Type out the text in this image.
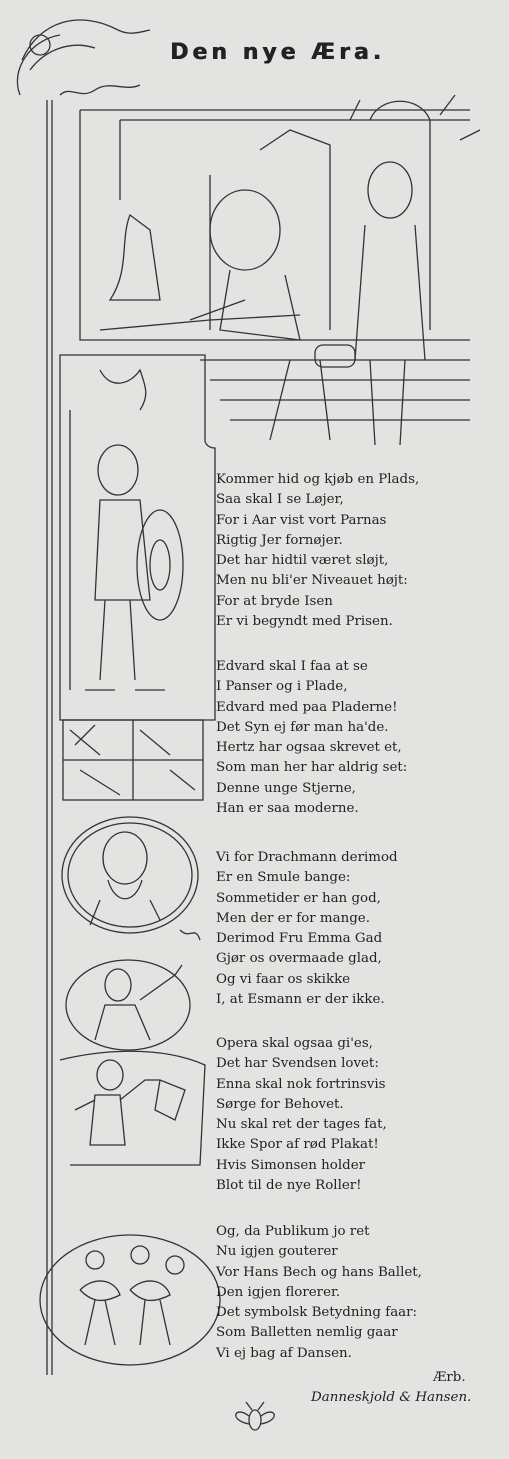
Den nye Æra.
Kommer hid og kjøb en Plads,
Saa skal I se Løjer,
For i Aar vist vort Parnas
Rigtig Jer fornøjer.
Det har hidtil været sløjt,
Men nu bli'er Niveauet højt:
For at bryde Isen
Er vi begyndt med Prisen.
Edvard skal I faa at se
I Panser og i Plade,
Edvard med paa Pladerne!
Det Syn ej før man ha'de.
Hertz har ogsaa skrevet et,
Som man her har aldrig set:
Denne unge Stjerne,
Han er saa moderne.
Vi for Drachmann derimod
Er en Smule bange:
Sommetider er han god,
Men der er for mange.
Derimod Fru Emma Gad
Gjør os overmaade glad,
Og vi faar os skikke
I, at Esmann er der ikke.
Opera skal ogsaa gi'es,
Det har Svendsen lovet:
Enna skal nok fortrinsvis
Sørge for Behovet.
Nu skal ret der tages fat,
Ikke Spor af rød Plakat!
Hvis Simonsen holder
Blot til de nye Roller!
Og, da Publikum jo ret
Nu igjen gouterer
Vor Hans Bech og hans Ballet,
Den igjen florerer.
Det symbolsk Betydning faar:
Som Balletten nemlig gaar
Vi ej bag af Dansen.
Ærb.
Danneskjold & Hansen.
